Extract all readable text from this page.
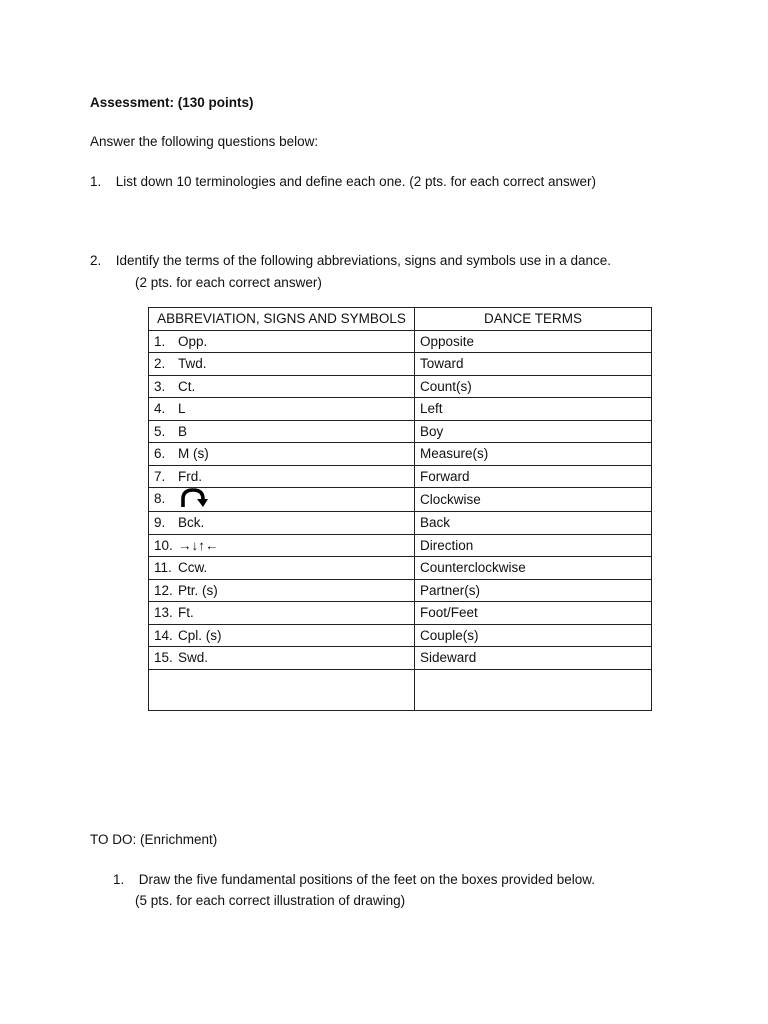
Assessment: (130 points)
Answer the following questions below:
1. List down 10 terminologies and define each one. (2 pts. for each correct answer)
2. Identify the terms of the following abbreviations, signs and symbols use in a dance.
(2 pts. for each correct answer)
ABBREVIATION, SIGNS AND SYMBOLS	DANCE TERMS
1. Opp.	Opposite
2. Twd.	Toward
3. Ct.	Count(s)
4. L	Left
5. B	Boy
6. M (s)	Measure(s)
7. Frd.	Forward
8.	Clockwise
9. Bck.	Back
10. →↓↑←	Direction
11. Ccw.	Counterclockwise
12. Ptr. (s)	Partner(s)
13. Ft.	Foot/Feet
14. Cpl. (s)	Couple(s)
15. Swd.	Sideward

TO DO: (Enrichment)
1. Draw the five fundamental positions of the feet on the boxes provided below.
(5 pts. for each correct illustration of drawing)
